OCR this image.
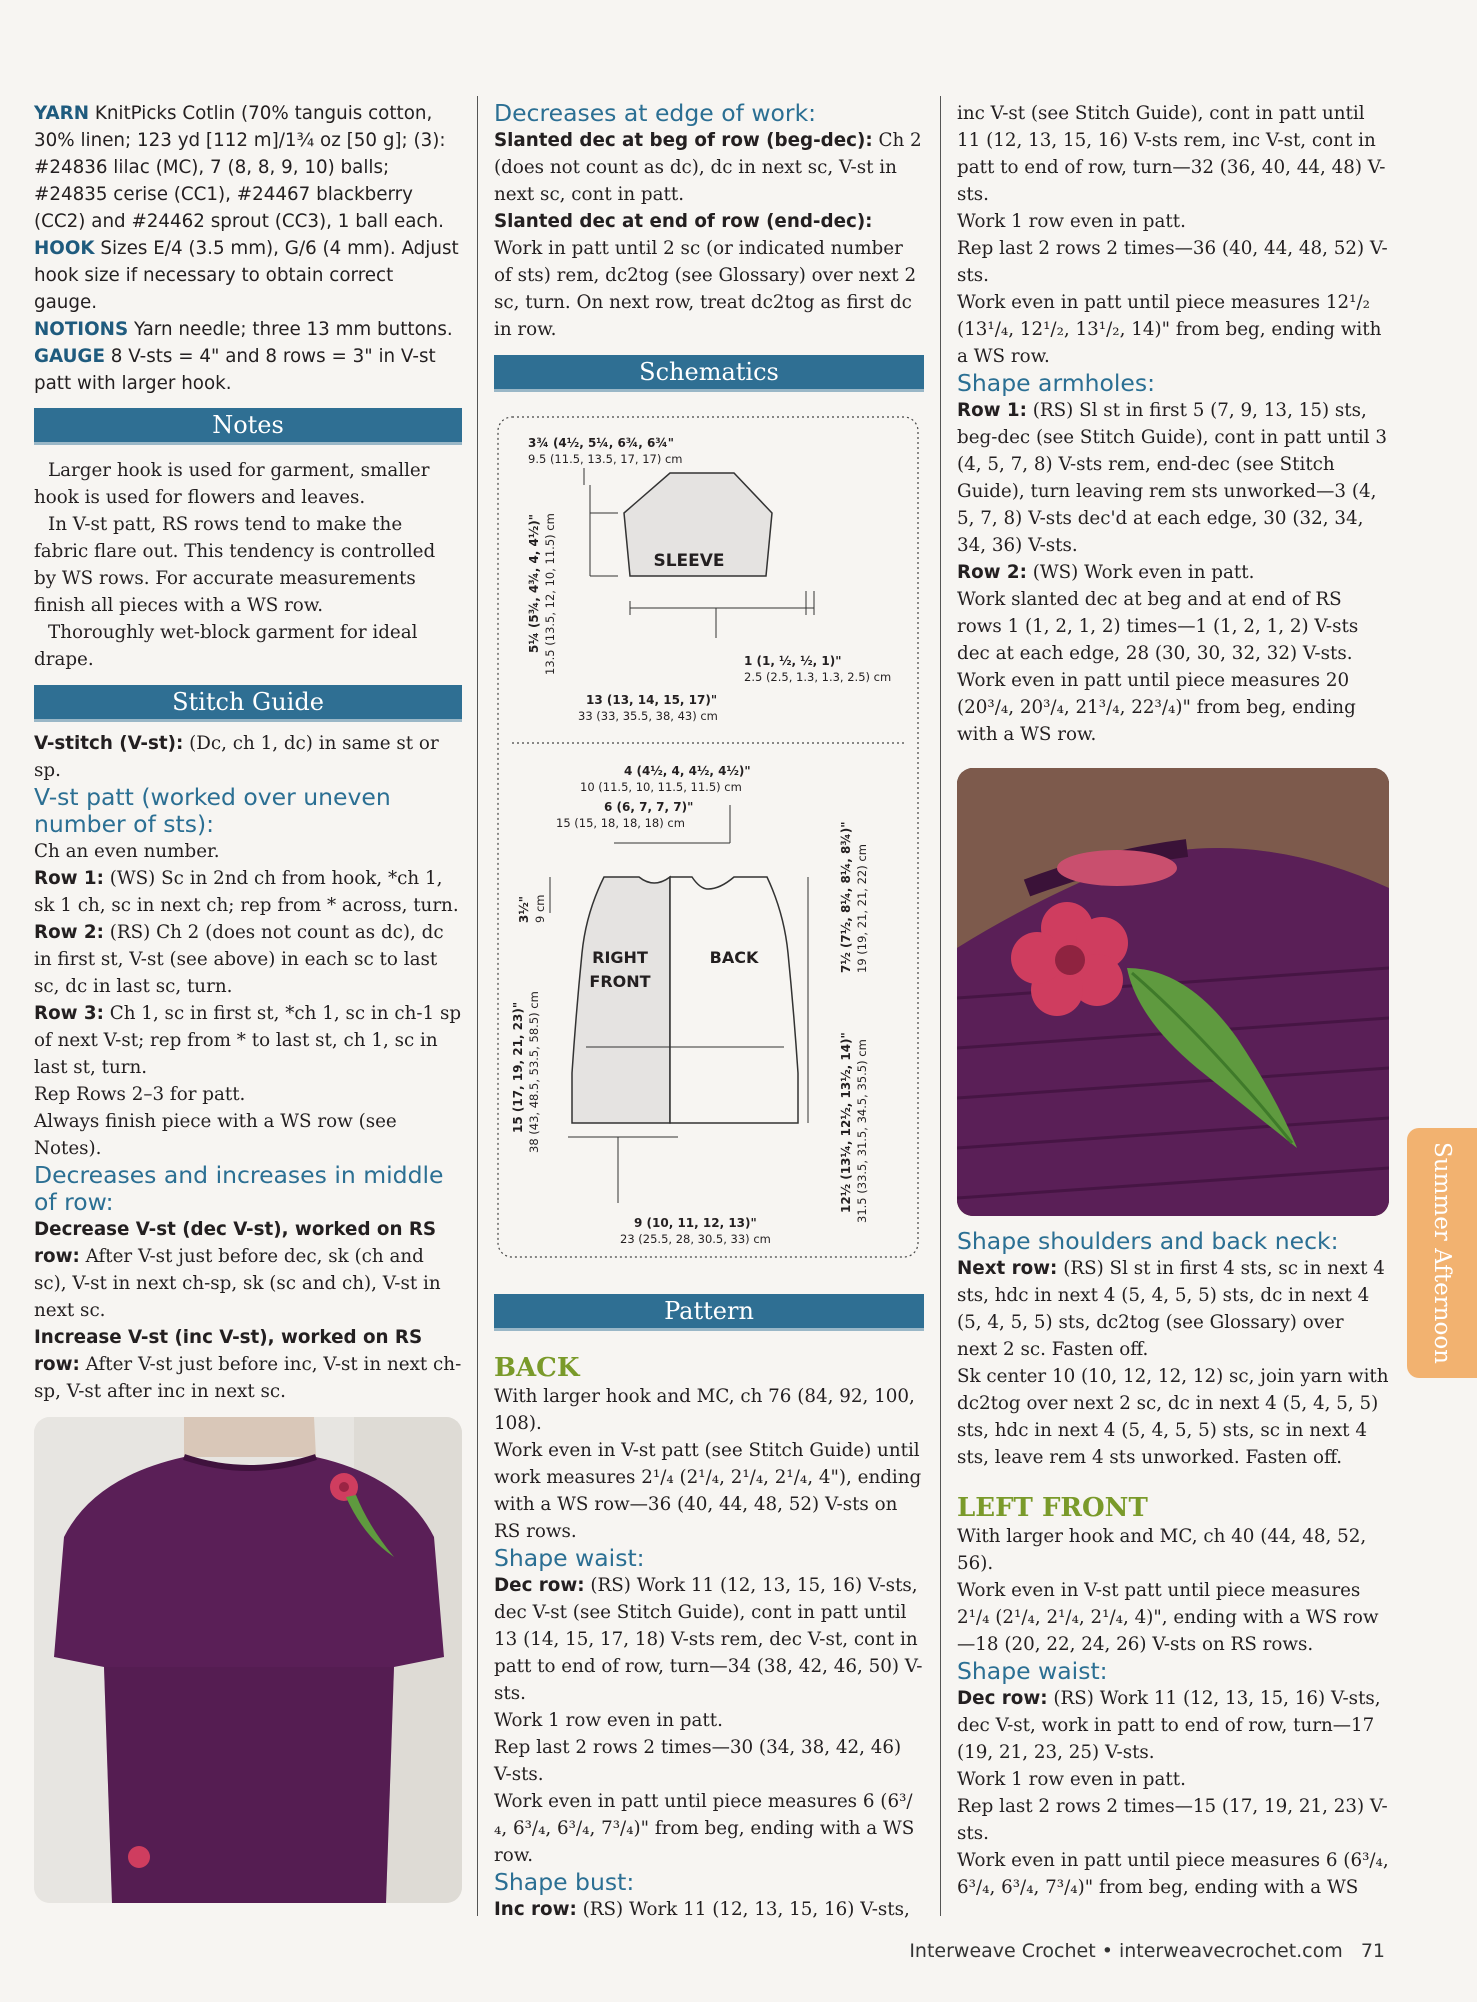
YARN KnitPicks Cotlin (70% tanguis cotton, 30% linen; 123 yd [112 m]/1¾ oz [50 g]; (3): #24836 lilac (MC), 7 (8, 8, 9, 10) balls; #24835 cerise (CC1), #24467 blackberry (CC2) and #24462 sprout (CC3), 1 ball each.

HOOK Sizes E/4 (3.5 mm), G/6 (4 mm). Adjust hook size if necessary to obtain correct gauge.

NOTIONS Yarn needle; three 13 mm buttons.

GAUGE 8 V-sts = 4" and 8 rows = 3" in V-st patt with larger hook.

Notes

Larger hook is used for garment, smaller hook is used for flowers and leaves.

In V-st patt, RS rows tend to make the fabric flare out. This tendency is controlled by WS rows. For accurate measurements finish all pieces with a WS row.

Thoroughly wet-block garment for ideal drape.

Stitch Guide

V-stitch (V-st): (Dc, ch 1, dc) in same st or sp.

V-st patt (worked over uneven number of sts):

Ch an even number.

Row 1: (WS) Sc in 2nd ch from hook, *ch 1, sk 1 ch, sc in next ch; rep from * across, turn.

Row 2: (RS) Ch 2 (does not count as dc), dc in first st, V-st (see above) in each sc to last sc, dc in last sc, turn.

Row 3: Ch 1, sc in first st, *ch 1, sc in ch-1 sp of next V-st; rep from * to last st, ch 1, sc in last st, turn.

Rep Rows 2–3 for patt.

Always finish piece with a WS row (see Notes).

Decreases and increases in middle of row:

Decrease V-st (dec V-st), worked on RS row: After V-st just before dec, sk (ch and sc), V-st in next ch-sp, sk (sc and ch), V-st in next sc.

Increase V-st (inc V-st), worked on RS row: After V-st just before inc, V-st in next ch-sp, V-st after inc in next sc.

Decreases at edge of work:

Slanted dec at beg of row (beg-dec): Ch 2 (does not count as dc), dc in next sc, V-st in next sc, cont in patt.

Slanted dec at end of row (end-dec): Work in patt until 2 sc (or indicated number of sts) rem, dc2tog (see Glossary) over next 2 sc, turn. On next row, treat dc2tog as first dc in row.

Schematics
3¾ (4½, 5¼, 6¾, 6¾"
9.5 (11.5, 13.5, 17, 17) cm
SLEEVE
5¼ (5¾, 4¾, 4, 4½)" 13.5 (13.5, 12, 10, 11.5) cm	1 (1, ½, ½, 1)"
2.5 (2.5, 1.3, 1.3, 2.5) cm
13 (13, 14, 15, 17)"
33 (33, 35.5, 38, 43) cm
4 (4½, 4, 4½, 4½)"
10 (11.5, 10, 11.5, 11.5) cm
6 (6, 7, 7, 7)"
15 (15, 18, 18, 18) cm
RIGHT
FRONT
BACK
3½" 9 cm	7½ (7½, 8¼, 8¼, 8¾)" 19 (19, 21, 21, 22) cm
15 (17, 19, 21, 23)" 38 (43, 48.5, 53.5, 58.5) cm	12½ (13¼, 12½, 13½, 14)" 31.5 (33.5, 31.5, 34.5, 35.5) cm
9 (10, 11, 12, 13)"
23 (25.5, 28, 30.5, 33) cm
Pattern
BACK

With larger hook and MC, ch 76 (84, 92, 100, 108).

Work even in V-st patt (see Stitch Guide) until work measures 2¹/₄ (2¹/₄, 2¹/₄, 2¹/₄, 4"), ending with a WS row—36 (40, 44, 48, 52) V-sts on RS rows.

Shape waist:

Dec row: (RS) Work 11 (12, 13, 15, 16) V-sts, dec V-st (see Stitch Guide), cont in patt until 13 (14, 15, 17, 18) V-sts rem, dec V-st, cont in patt to end of row, turn—34 (38, 42, 46, 50) V-sts.

Work 1 row even in patt.

Rep last 2 rows 2 times—30 (34, 38, 42, 46) V-sts.

Work even in patt until piece measures 6 (6³/₄, 6³/₄, 6³/₄, 7³/₄)" from beg, ending with a WS row.

Shape bust:

Inc row: (RS) Work 11 (12, 13, 15, 16) V-sts,

inc V-st (see Stitch Guide), cont in patt until 11 (12, 13, 15, 16) V-sts rem, inc V-st, cont in patt to end of row, turn—32 (36, 40, 44, 48) V-sts.

Work 1 row even in patt.

Rep last 2 rows 2 times—36 (40, 44, 48, 52) V-sts.

Work even in patt until piece measures 12¹/₂ (13¹/₄, 12¹/₂, 13¹/₂, 14)" from beg, ending with a WS row.

Shape armholes:

Row 1: (RS) Sl st in first 5 (7, 9, 13, 15) sts, beg-dec (see Stitch Guide), cont in patt until 3 (4, 5, 7, 8) V-sts rem, end-dec (see Stitch Guide), turn leaving rem sts unworked—3 (4, 5, 7, 8) V-sts dec'd at each edge, 30 (32, 34, 34, 36) V-sts.

Row 2: (WS) Work even in patt.

Work slanted dec at beg and at end of RS rows 1 (1, 2, 1, 2) times—1 (1, 2, 1, 2) V-sts dec at each edge, 28 (30, 30, 32, 32) V-sts.

Work even in patt until piece measures 20 (20³/₄, 20³/₄, 21³/₄, 22³/₄)" from beg, ending with a WS row.

Shape shoulders and back neck:

Next row: (RS) Sl st in first 4 sts, sc in next 4 sts, hdc in next 4 (5, 4, 5, 5) sts, dc in next 4 (5, 4, 5, 5) sts, dc2tog (see Glossary) over next 2 sc. Fasten off.

Sk center 10 (10, 12, 12, 12) sc, join yarn with dc2tog over next 2 sc, dc in next 4 (5, 4, 5, 5) sts, hdc in next 4 (5, 4, 5, 5) sts, sc in next 4 sts, leave rem 4 sts unworked. Fasten off.

LEFT FRONT

With larger hook and MC, ch 40 (44, 48, 52, 56).

Work even in V-st patt until piece measures 2¹/₄ (2¹/₄, 2¹/₄, 2¹/₄, 4)", ending with a WS row—18 (20, 22, 24, 26) V-sts on RS rows.

Shape waist:

Dec row: (RS) Work 11 (12, 13, 15, 16) V-sts, dec V-st, work in patt to end of row, turn—17 (19, 21, 23, 25) V-sts.

Work 1 row even in patt.

Rep last 2 rows 2 times—15 (17, 19, 21, 23) V-sts.

Work even in patt until piece measures 6 (6³/₄, 6³/₄, 6³/₄, 7³/₄)" from beg, ending with a WS

Summer Afternoon
Interweave Crochet • interweavecrochet.com 71
